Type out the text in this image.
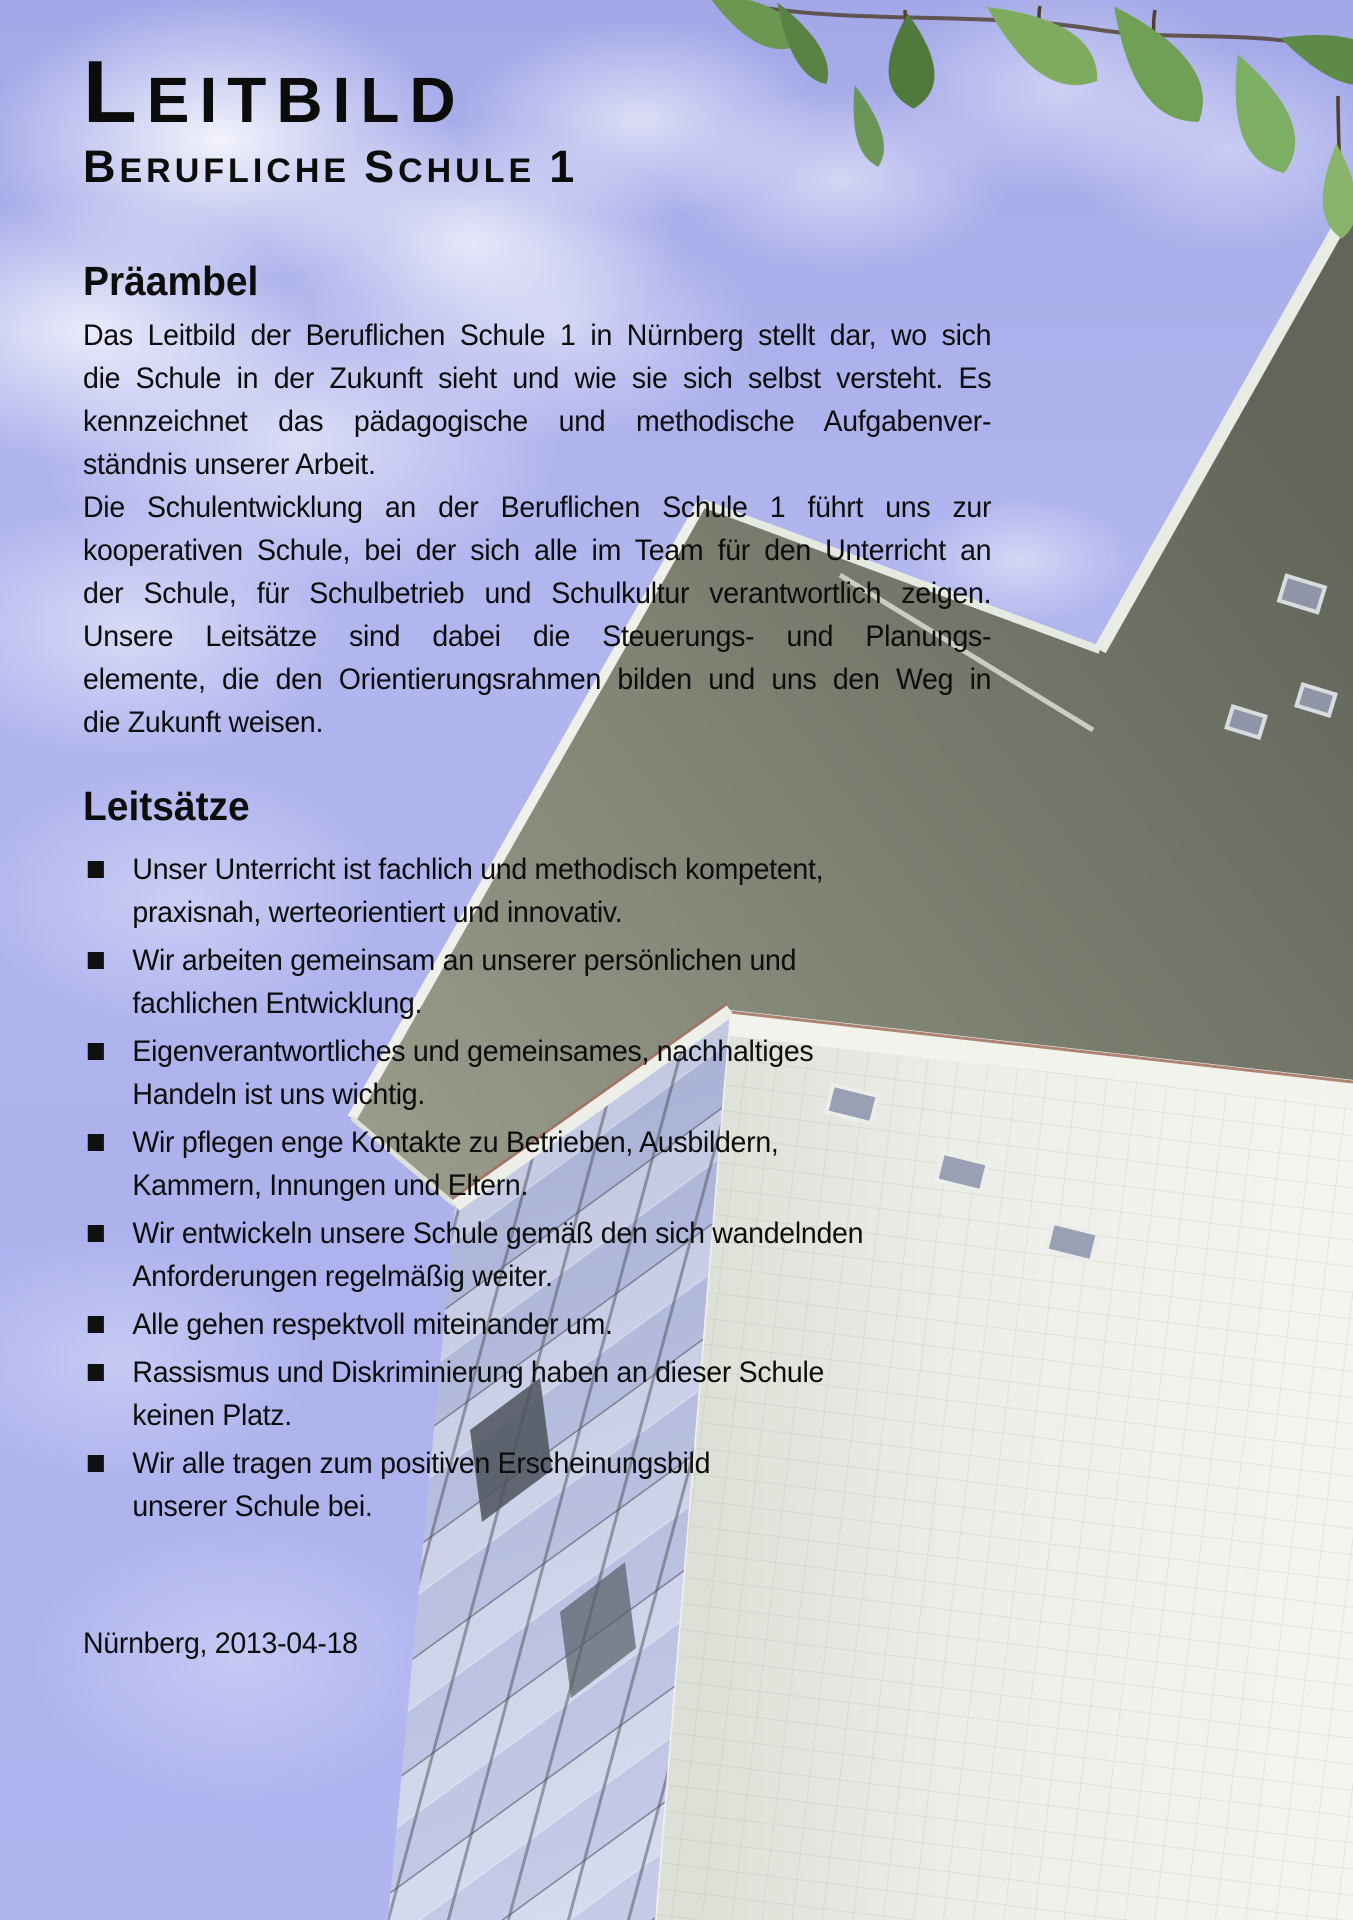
LEITBILD
BERUFLICHE SCHULE 1
Präambel
Das Leitbild der Beruflichen Schule 1 in Nürnberg stellt dar, wo sich
die Schule in der Zukunft sieht und wie sie sich selbst versteht. Es
kennzeichnet das pädagogische und methodische Aufgabenver-
ständnis unserer Arbeit.
Die Schulentwicklung an der Beruflichen Schule 1 führt uns zur
kooperativen Schule, bei der sich alle im Team für den Unterricht an
der Schule, für Schulbetrieb und Schulkultur verantwortlich zeigen.
Unsere Leitsätze sind dabei die Steuerungs- und Planungs-
elemente, die den Orientierungsrahmen bilden und uns den Weg in
die Zukunft weisen.
Leitsätze
Unser Unterricht ist fachlich und methodisch kompetent,
praxisnah, werteorientiert und innovativ.
Wir arbeiten gemeinsam an unserer persönlichen und
fachlichen Entwicklung.
Eigenverantwortliches und gemeinsames, nachhaltiges
Handeln ist uns wichtig.
Wir pflegen enge Kontakte zu Betrieben, Ausbildern,
Kammern, Innungen und Eltern.
Wir entwickeln unsere Schule gemäß den sich wandelnden
Anforderungen regelmäßig weiter.
Alle gehen respektvoll miteinander um.
Rassismus und Diskriminierung haben an dieser Schule
keinen Platz.
Wir alle tragen zum positiven Erscheinungsbild
unserer Schule bei.
Nürnberg, 2013-04-18
